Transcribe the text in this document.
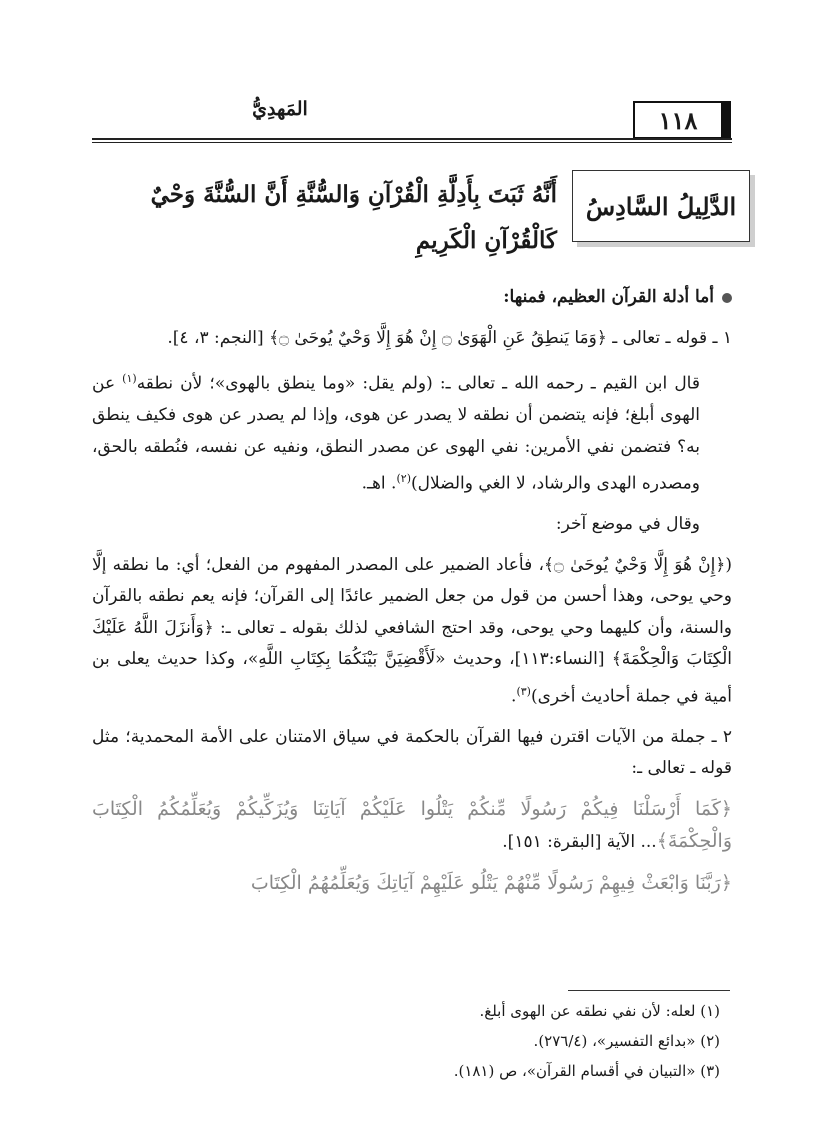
المَهدِيُّ	١١٨
الدَّلِيلُ السَّادِسُ
أَنَّهُ ثَبَتَ بِأَدِلَّةِ الْقُرْآنِ وَالسُّنَّةِ أَنَّ السُّنَّةَ وَحْيٌ كَالْقُرْآنِ الْكَرِيمِ

أما أدلة القرآن العظيم، فمنها:

١ ـ قوله ـ تعالى ـ ﴿وَمَا يَنطِقُ عَنِ الْهَوَىٰ ۝ إِنْ هُوَ إِلَّا وَحْيٌ يُوحَىٰ ۝﴾ [النجم: ٣، ٤].

قال ابن القيم ـ رحمه الله ـ تعالى ـ: (ولم يقل: «وما ينطق بالهوى»؛ لأن نطقه$^{(١)}$ عن الهوى أبلغ؛ فإنه يتضمن أن نطقه لا يصدر عن هوى، وإذا لم يصدر عن هوى فكيف ينطق به؟ فتضمن نفي الأمرين: نفي الهوى عن مصدر النطق، ونفيه عن نفسه، فنُطقه بالحق، ومصدره الهدى والرشاد، لا الغي والضلال)$^{(٢)}$. اهـ.

وقال في موضع آخر:

(﴿إِنْ هُوَ إِلَّا وَحْيٌ يُوحَىٰ ۝﴾، فأعاد الضمير على المصدر المفهوم من الفعل؛ أي: ما نطقه إلَّا وحي يوحى، وهذا أحسن من قول من جعل الضمير عائدًا إلى القرآن؛ فإنه يعم نطقه بالقرآن والسنة، وأن كليهما وحي يوحى، وقد احتج الشافعي لذلك بقوله ـ تعالى ـ: ﴿وَأَنزَلَ اللَّهُ عَلَيْكَ الْكِتَابَ وَالْحِكْمَةَ﴾ [النساء:١١٣]، وحديث «لَأَقْضِيَنَّ بَيْنَكُمَا بِكِتَابِ اللَّهِ»، وكذا حديث يعلى بن أمية في جملة أحاديث أخرى)$^{(٣)}$.

٢ ـ جملة من الآيات اقترن فيها القرآن بالحكمة في سياق الامتنان على الأمة المحمدية؛ مثل قوله ـ تعالى ـ:

﴿كَمَا أَرْسَلْنَا فِيكُمْ رَسُولًا مِّنكُمْ يَتْلُوا عَلَيْكُمْ آيَاتِنَا وَيُزَكِّيكُمْ وَيُعَلِّمُكُمُ الْكِتَابَ وَالْحِكْمَةَ﴾... الآية [البقرة: ١٥١].

﴿رَبَّنَا وَابْعَثْ فِيهِمْ رَسُولًا مِّنْهُمْ يَتْلُو عَلَيْهِمْ آيَاتِكَ وَيُعَلِّمُهُمُ الْكِتَابَ

(١) لعله: لأن نفي نطقه عن الهوى أبلغ.
(٢) «بدائع التفسير»، (٢٧٦/٤).
(٣) «التبيان في أقسام القرآن»، ص (١٨١).
